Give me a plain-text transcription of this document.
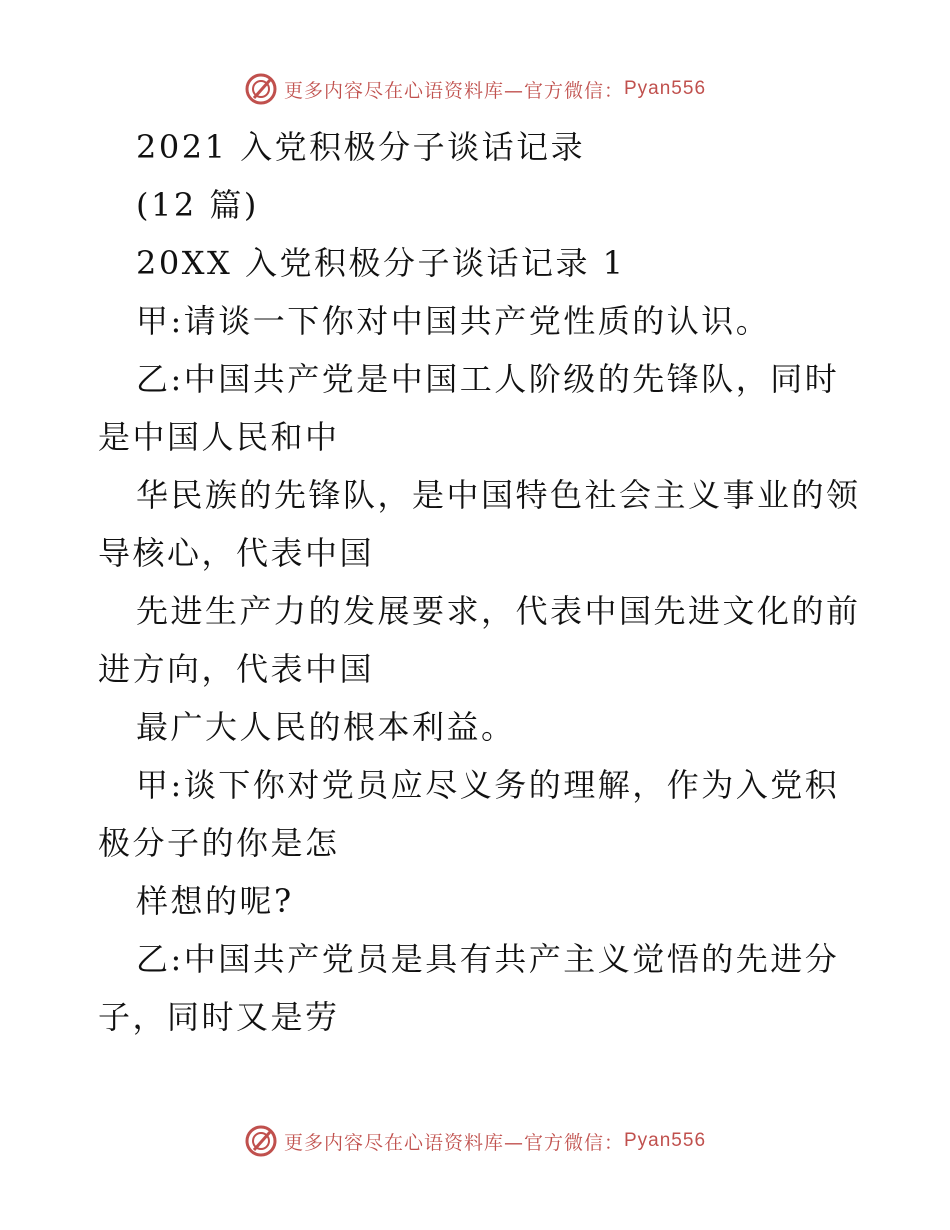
更多内容尽在心语资料库—官方微信： Pyan556
2021 入党积极分子谈话记录
(12 篇)
20XX 入党积极分子谈话记录 1
甲:请谈一下你对中国共产党性质的认识。
乙:中国共产党是中国工人阶级的先锋队，同时
是中国人民和中
华民族的先锋队，是中国特色社会主义事业的领
导核心，代表中国
先进生产力的发展要求，代表中国先进文化的前
进方向，代表中国
最广大人民的根本利益。
甲:谈下你对党员应尽义务的理解，作为入党积
极分子的你是怎
样想的呢?
乙:中国共产党员是具有共产主义觉悟的先进分
子，同时又是劳
更多内容尽在心语资料库—官方微信： Pyan556
